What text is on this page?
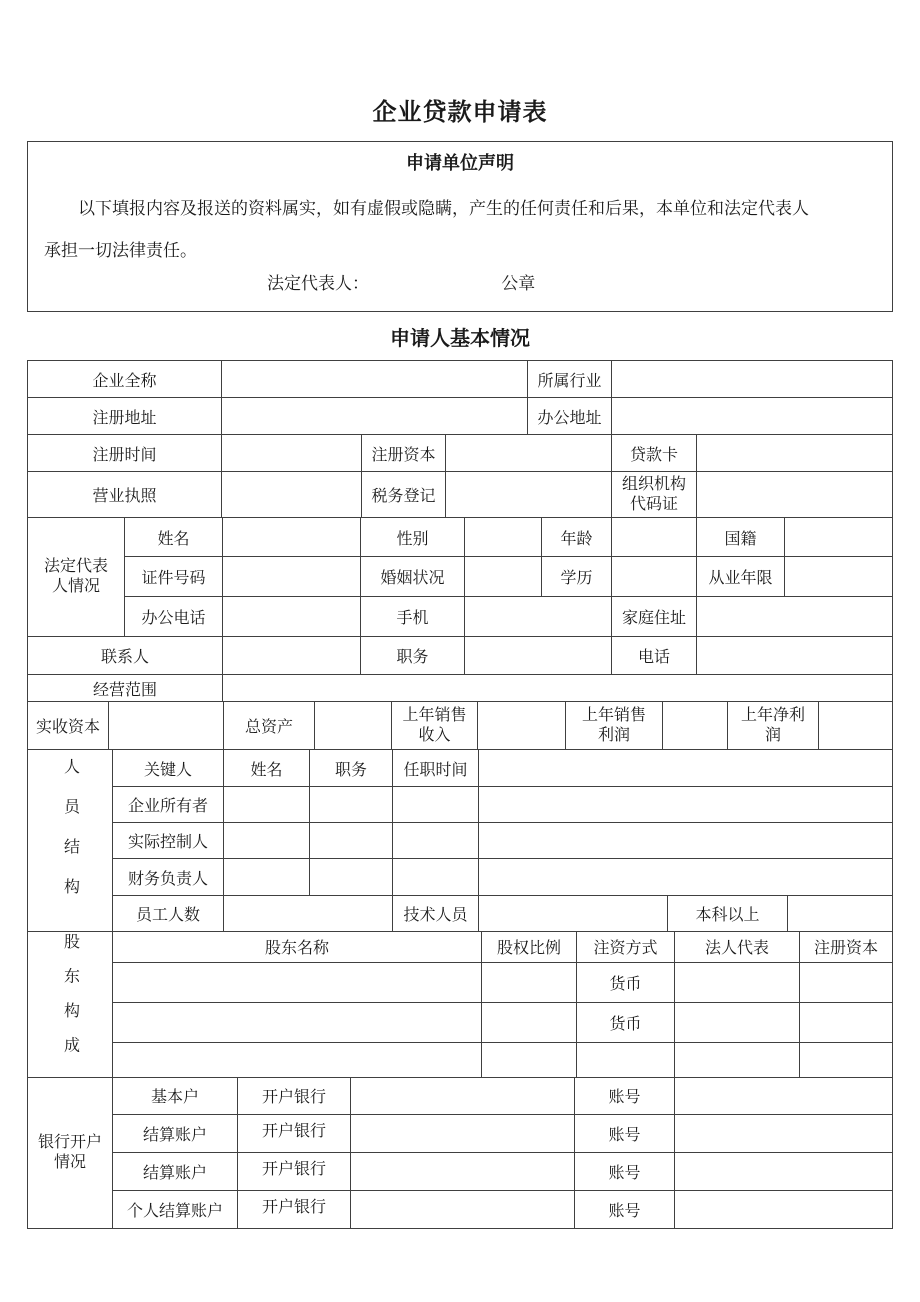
企业贷款申请表
申请单位声明
以下填报内容及报送的资料属实，如有虚假或隐瞒，产生的任何责任和后果，本单位和法定代表人
承担一切法律责任。
法定代表人：	公章
申请人基本情况
企业全称		所属行业	
注册地址		办公地址	
注册时间		注册资本		贷款卡	
营业执照		税务登记		组织机构代码证	
法定代表人情况	姓名		性别		年龄		国籍	
	证件号码		婚姻状况		学历		从业年限	
	办公电话		手机			家庭住址		
联系人			职务			电话		
经营范围								
实收资本		总资产		上年销售收入		上年销售利润		上年净利润	
人员结构	关键人	姓名	职务	任职时间			
	企业所有者						
	实际控制人						
	财务负责人						
	员工人数			技术人员		本科以上	
股东构成	股东名称	股权比例	注资方式	法人代表	注册资本
			货币		
			货币		

银行开户情况	基本户	开户银行		账号	
	结算账户	开户银行		账号	
	结算账户	开户银行		账号	
	个人结算账户	开户银行		账号	
